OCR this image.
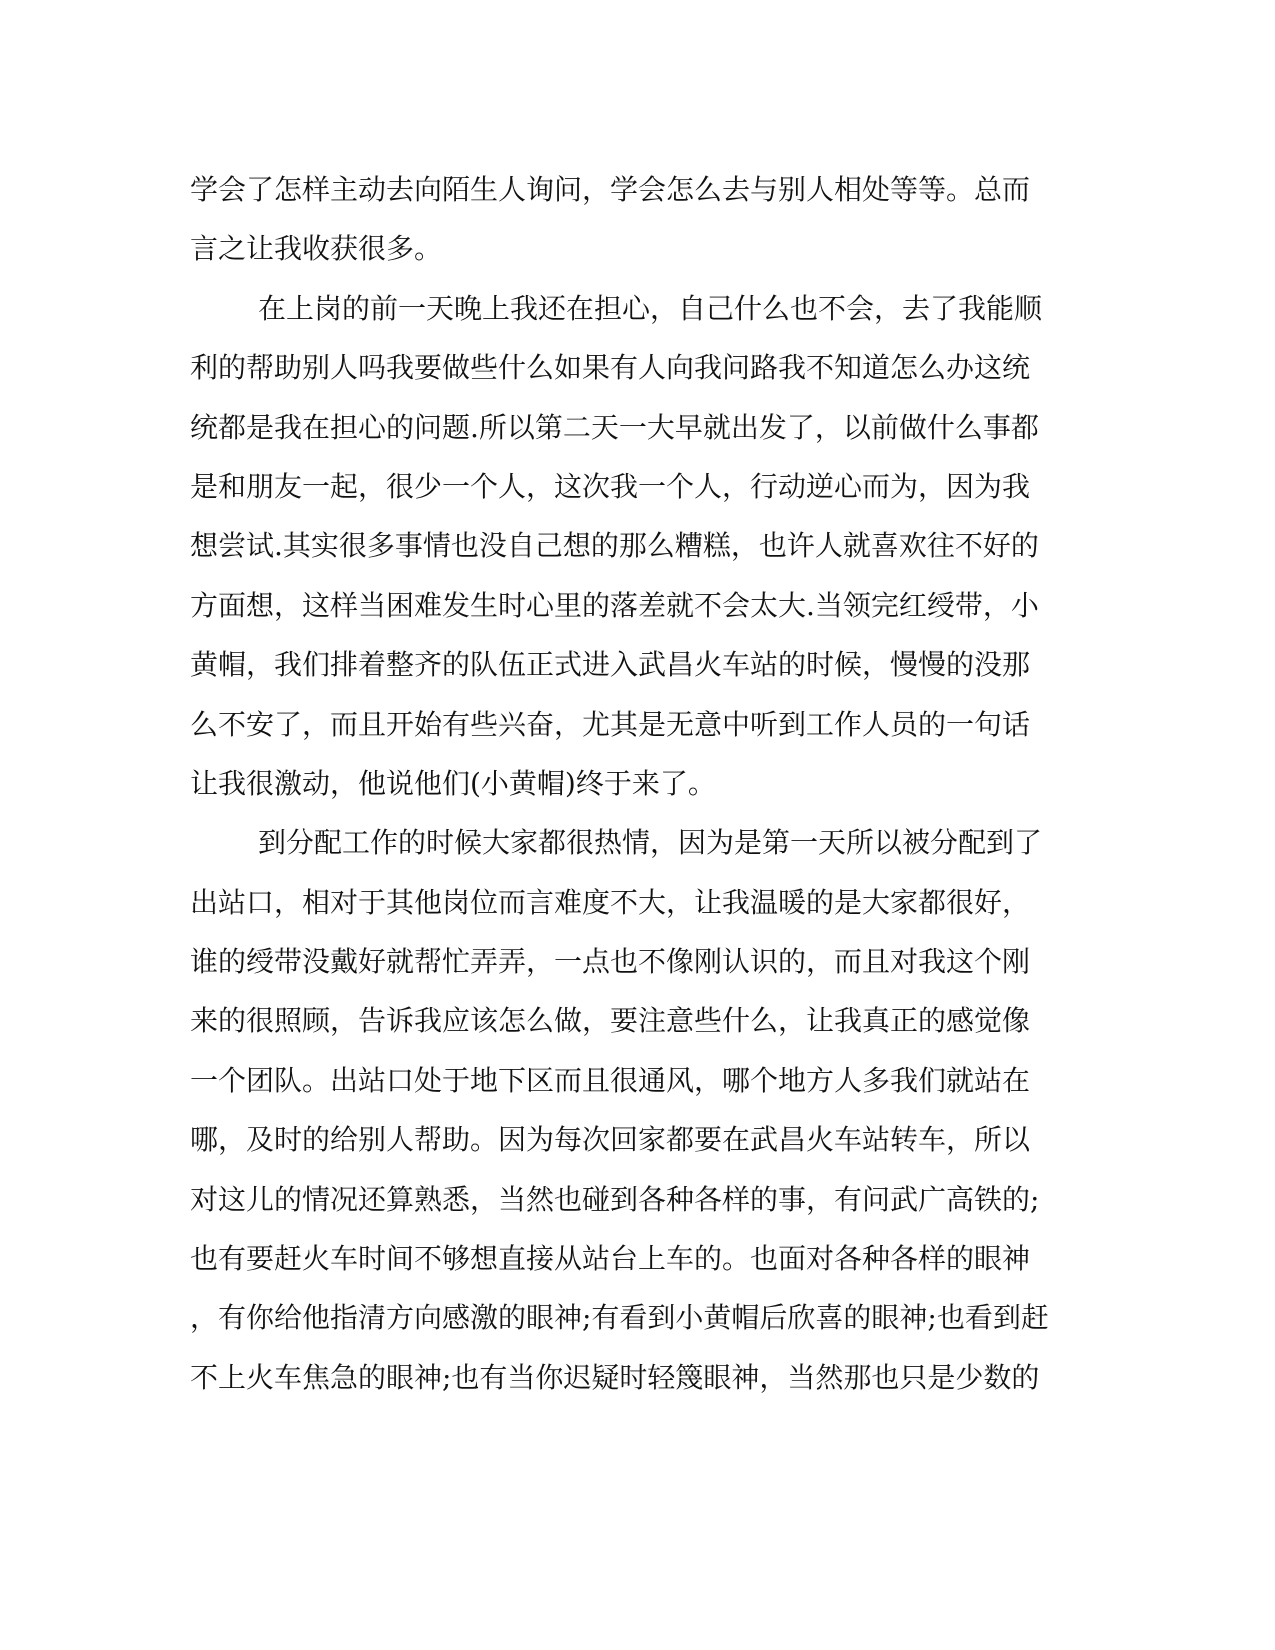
学会了怎样主动去向陌生人询问，学会怎么去与别人相处等等。总而
言之让我收获很多。
在上岗的前一天晚上我还在担心，自己什么也不会，去了我能顺
利的帮助别人吗我要做些什么如果有人向我问路我不知道怎么办这统
统都是我在担心的问题.所以第二天一大早就出发了，以前做什么事都
是和朋友一起，很少一个人，这次我一个人，行动逆心而为，因为我
想尝试.其实很多事情也没自己想的那么糟糕，也许人就喜欢往不好的
方面想，这样当困难发生时心里的落差就不会太大.当领完红绶带，小
黄帽，我们排着整齐的队伍正式进入武昌火车站的时候，慢慢的没那
么不安了，而且开始有些兴奋，尤其是无意中听到工作人员的一句话
让我很激动，他说他们(小黄帽)终于来了。
到分配工作的时候大家都很热情，因为是第一天所以被分配到了
出站口，相对于其他岗位而言难度不大，让我温暖的是大家都很好，
谁的绶带没戴好就帮忙弄弄，一点也不像刚认识的，而且对我这个刚
来的很照顾，告诉我应该怎么做，要注意些什么，让我真正的感觉像
一个团队。出站口处于地下区而且很通风，哪个地方人多我们就站在
哪，及时的给别人帮助。因为每次回家都要在武昌火车站转车，所以
对这儿的情况还算熟悉，当然也碰到各种各样的事，有问武广高铁的;
也有要赶火车时间不够想直接从站台上车的。也面对各种各样的眼神
，有你给他指清方向感激的眼神;有看到小黄帽后欣喜的眼神;也看到赶
不上火车焦急的眼神;也有当你迟疑时轻篾眼神，当然那也只是少数的
